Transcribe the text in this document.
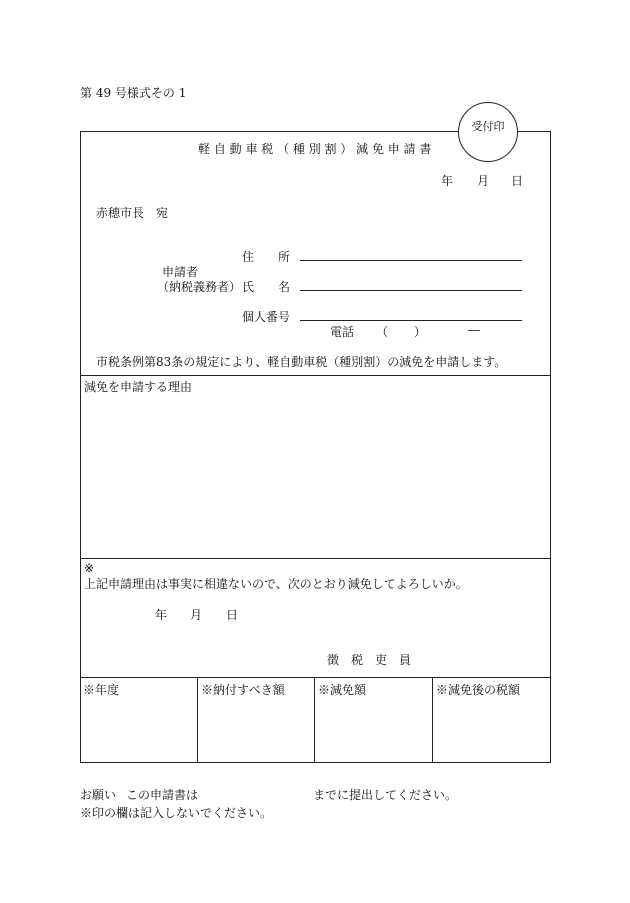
第 49 号様式その 1
受付印
軽 自 動 車 税 （ 種 別 割 ） 減 免 申 請 書
年 月 日
赤穂市長　宛
住　　所
申請者
（納税義務者） 氏　　名
個人番号
電話 （ ）	―
市税条例第83条の規定により、軽自動車税（種別割）の減免を申請します。
減免を申請する理由
※
上記申請理由は事実に相違ないので、次のとおり減免してよろしいか。
年 月 日
徴　税　吏　員
※年度	※納付すべき額	※減免額	※減免後の税額
お願い この申請書は	までに提出してください。
※印の欄は記入しないでください。
